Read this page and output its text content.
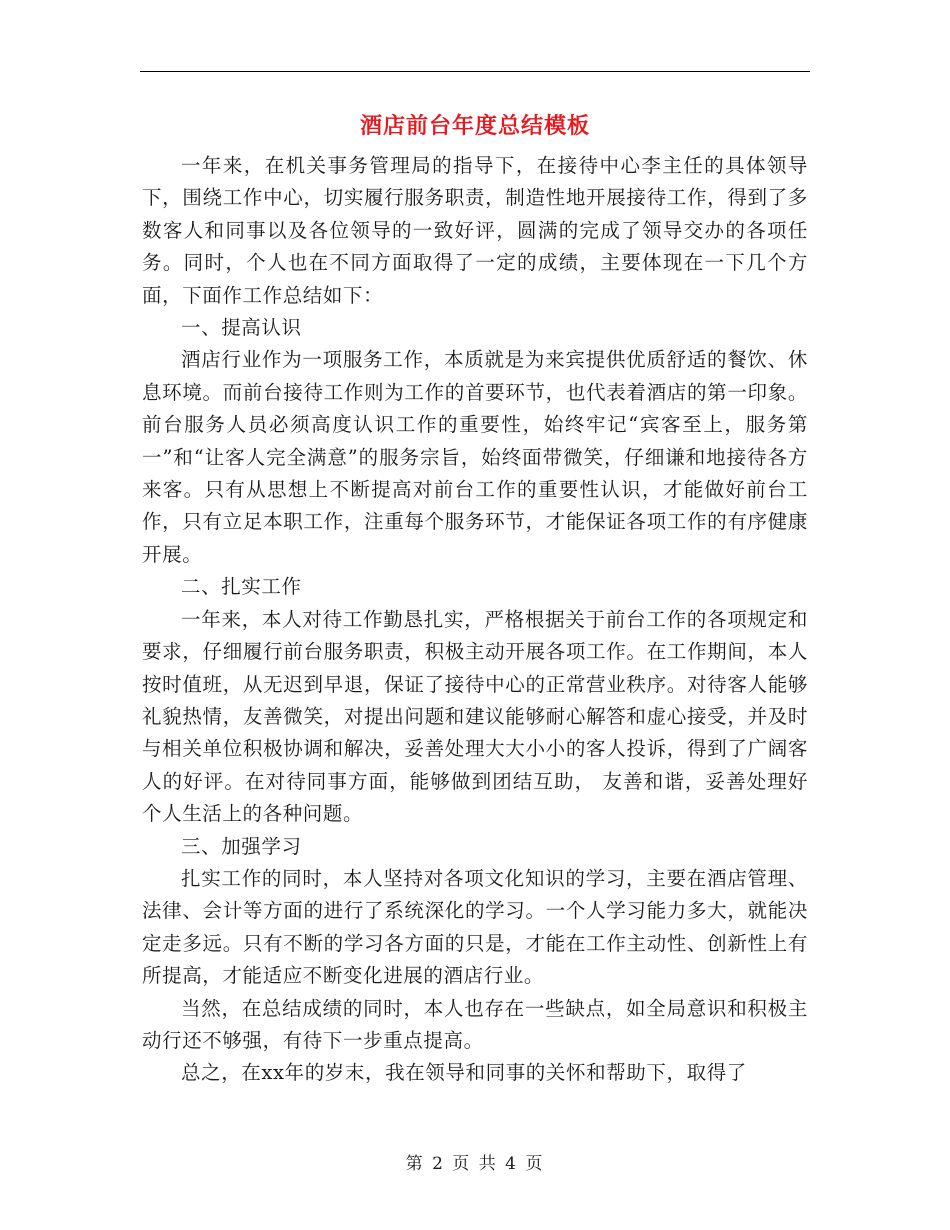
酒店前台年度总结模板

一年来，在机关事务管理局的指导下，在接待中心李主任的具体领导下，围绕工作中心，切实履行服务职责，制造性地开展接待工作，得到了多数客人和同事以及各位领导的一致好评，圆满的完成了领导交办的各项任务。同时，个人也在不同方面取得了一定的成绩，主要体现在一下几个方面，下面作工作总结如下：

一、提高认识

酒店行业作为一项服务工作，本质就是为来宾提供优质舒适的餐饮、休息环境。而前台接待工作则为工作的首要环节，也代表着酒店的第一印象。前台服务人员必须高度认识工作的重要性，始终牢记“宾客至上，服务第一”和“让客人完全满意”的服务宗旨，始终面带微笑，仔细谦和地接待各方来客。只有从思想上不断提高对前台工作的重要性认识，才能做好前台工作，只有立足本职工作，注重每个服务环节，才能保证各项工作的有序健康开展。

二、扎实工作

一年来，本人对待工作勤恳扎实，严格根据关于前台工作的各项规定和要求，仔细履行前台服务职责，积极主动开展各项工作。在工作期间，本人按时值班，从无迟到早退，保证了接待中心的正常营业秩序。对待客人能够礼貌热情，友善微笑，对提出问题和建议能够耐心解答和虚心接受，并及时与相关单位积极协调和解决，妥善处理大大小小的客人投诉，得到了广阔客人的好评。在对待同事方面，能够做到团结互助， 友善和谐，妥善处理好个人生活上的各种问题。

三、加强学习

扎实工作的同时，本人坚持对各项文化知识的学习，主要在酒店管理、法律、会计等方面的进行了系统深化的学习。一个人学习能力多大，就能决定走多远。只有不断的学习各方面的只是，才能在工作主动性、创新性上有所提高，才能适应不断变化进展的酒店行业。

当然，在总结成绩的同时，本人也存在一些缺点，如全局意识和积极主动行还不够强，有待下一步重点提高。

总之，在xx年的岁末，我在领导和同事的关怀和帮助下，取得了

第 2 页 共 4 页
